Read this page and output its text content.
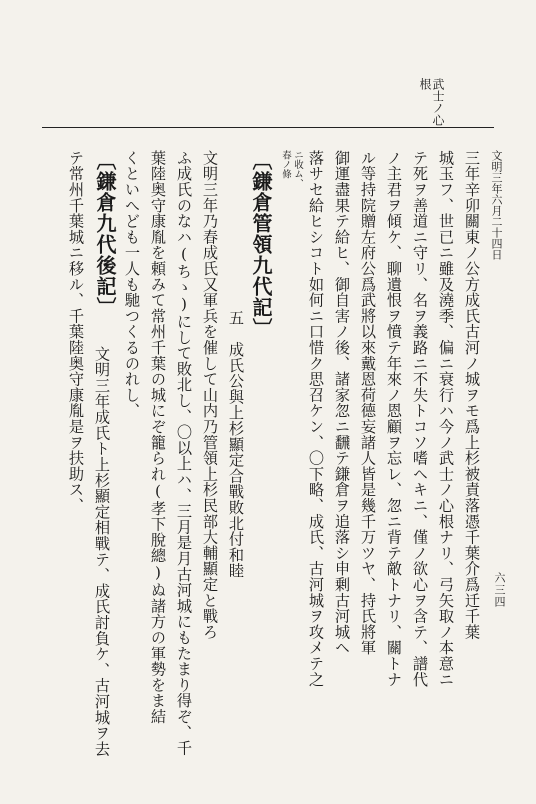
武士ノ心
根
六三四
文明三年六月二十四日
三年辛卯關東ノ公方成氏古河ノ城ヲモ爲上杉被責落憑千葉介爲迁千葉
城玉フ、世已ニ雖及澆季、偏ニ衰行ハ今ノ武士ノ心根ナリ、弓矢取ノ本意ニ
テ死ヲ善道ニ守リ、名ヲ義路ニ不失トコソ嗜ヘキニ、僅ノ欲心ヲ含テ、譜代
ノ主君ヲ傾ケ、聊遺恨ヲ憤テ年來ノ恩顧ヲ忘レ、忽ニ背テ敵トナリ、關トナ
ル等持院贈左府公爲武將以來戴恩荷德妄諸人皆是幾千万ツヤ、持氏將軍
御運盡果テ給ヒ、御自害ノ後、諸家忽ニ飜テ鎌倉ヲ追落シ申剰古河城ヘ
落サセ給ヒシコト如何ニ口惜ク思召ケン、〇下略、成氏、古河城ヲ攻メテ之
ニ收ム、
春ノ條
〔鎌倉管領九代記〕
五　成氏公與上杉顯定合戰敗北付和睦
文明三年乃春成氏又軍兵を催して山内乃管領上杉民部大輔顯定と戰ろ
ふ成氏のなハ(ちゝ)にして敗北し、〇以上ハ、三月是月古河城にもたまり得ぞ、千
葉陸奥守康胤を頼みて常州千葉の城にぞ籠られ(孝下脫總)ぬ諸方の軍勢をま結
くといへども一人も馳つくるのれし、
〔鎌倉九代後記〕
文明三年成氏ト上杉顯定相戰テ、成氏討負ケ、古河城ヲ去
テ常州千葉城ニ移ル、千葉陸奥守康胤是ヲ扶助ス、
